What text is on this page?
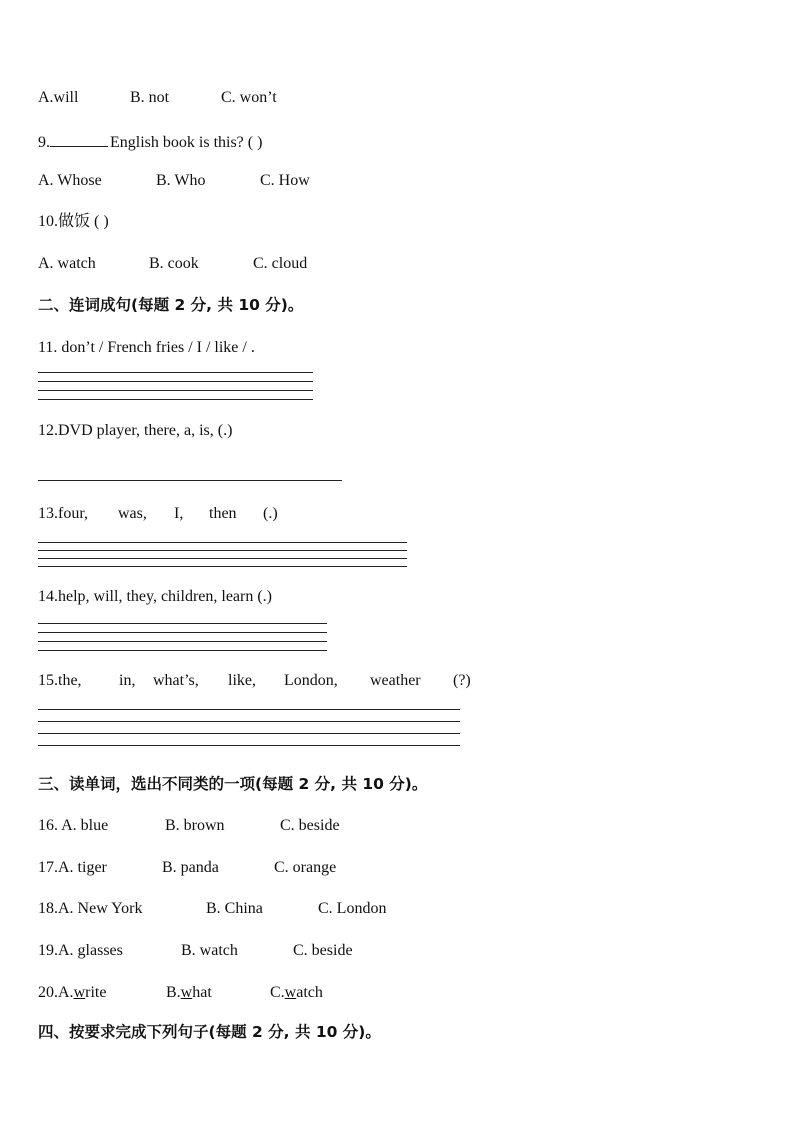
A.will	B. not	C. won’t
9.	English book is this? ( )
A. Whose	B. Who	C. How
10.做饭 ( )
A. watch	B. cook	C. cloud
二、连词成句(每题 2 分, 共 10 分)。
11. don’t / French fries / I / like / .
12.DVD player, there, a, is, (.)
13.four, was, I, then (.)
14.help, will, they, children, learn (.)
15.the, in, what’s, like, London, weather (?)
三、读单词，选出不同类的一项(每题 2 分, 共 10 分)。
16. A. blue	B. brown	C. beside
17.A. tiger	B. panda	C. orange
18.A. New York	B. China	C. London
19.A. glasses	B. watch	C. beside
20.A.write	B.what	C.watch
四、按要求完成下列句子(每题 2 分, 共 10 分)。
